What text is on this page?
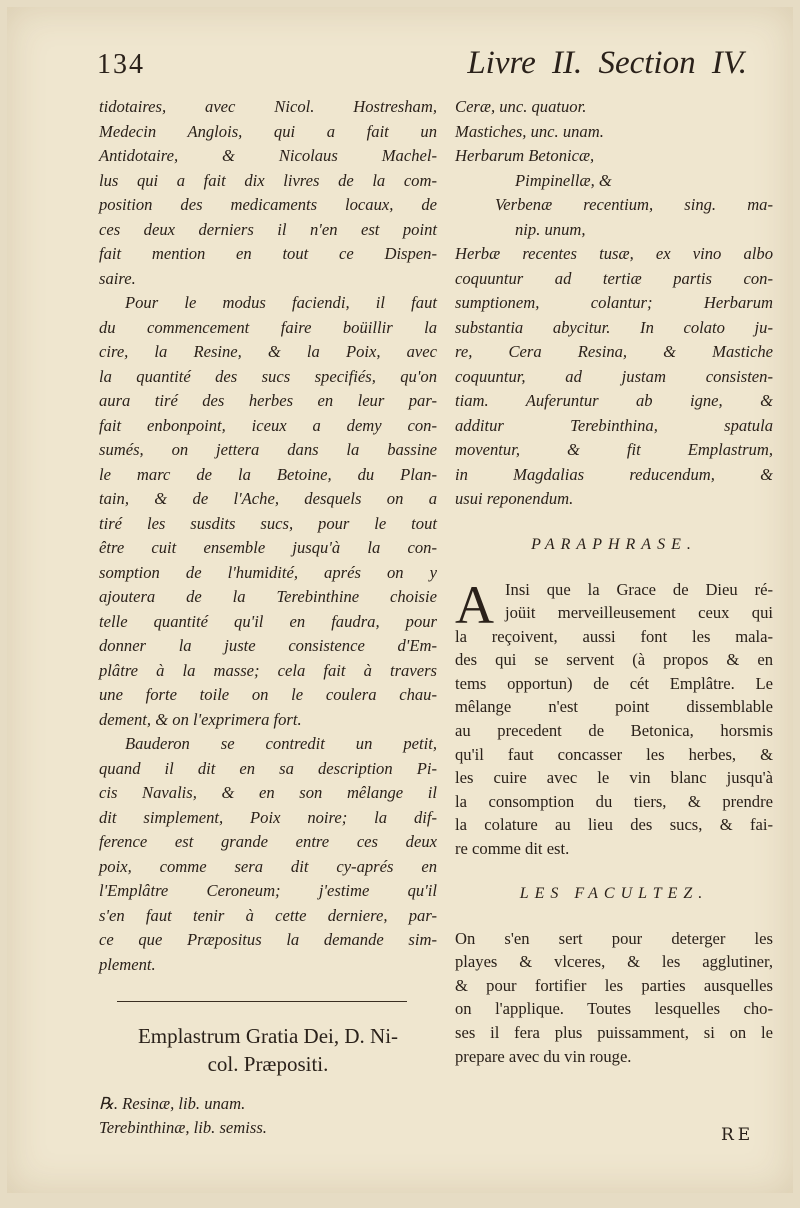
134	Livre II. Section IV.
tidotaires, avec Nicol. Hostresham,
Medecin Anglois, qui a fait un
Antidotaire, & Nicolaus Machel-
lus qui a fait dix livres de la com-
position des medicaments locaux, de
ces deux derniers il n'en est point
fait mention en tout ce Dispen-
saire.
Pour le modus faciendi, il faut
du commencement faire boüillir la
cire, la Resine, & la Poix, avec
la quantité des sucs specifiés, qu'on
aura tiré des herbes en leur par-
fait enbonpoint, iceux a demy con-
sumés, on jettera dans la bassine
le marc de la Betoine, du Plan-
tain, & de l'Ache, desquels on a
tiré les susdits sucs, pour le tout
être cuit ensemble jusqu'à la con-
somption de l'humidité, aprés on y
ajoutera de la Terebinthine choisie
telle quantité qu'il en faudra, pour
donner la juste consistence d'Em-
plâtre à la masse; cela fait à travers
une forte toile on le coulera chau-
dement, & on l'exprimera fort.
Bauderon se contredit un petit,
quand il dit en sa description Pi-
cis Navalis, & en son mêlange il
dit simplement, Poix noire; la dif-
ference est grande entre ces deux
poix, comme sera dit cy-aprés en
l'Emplâtre Ceroneum; j'estime qu'il
s'en faut tenir à cette derniere, par-
ce que Præpositus la demande sim-
plement.
Emplastrum Gratia Dei, D. Ni-
col. Præpositi.
℞. Resinæ, lib. unam.
Terebinthinæ, lib. semiss.
Ceræ, unc. quatuor.
Mastiches, unc. unam.
Herbarum Betonicæ,
Pimpinellæ, &
Verbenæ recentium, sing. ma-
nip. unum,
Herbæ recentes tusæ, ex vino albo
coquuntur ad tertiæ partis con-
sumptionem, colantur; Herbarum
substantia abycitur. In colato ju-
re, Cera Resina, & Mastiche
coquuntur, ad justam consisten-
tiam. Auferuntur ab igne, &
additur Terebinthina, spatula
moventur, & fit Emplastrum,
in Magdalias reducendum, &
usui reponendum.
PARAPHRASE.
A Insi que la Grace de Dieu ré-
joüit merveilleusement ceux qui
la reçoivent, aussi font les mala-
des qui se servent (à propos & en
tems opportun) de cét Emplâtre. Le
mêlange n'est point dissemblable
au precedent de Betonica, horsmis
qu'il faut concasser les herbes, &
les cuire avec le vin blanc jusqu'à
la consomption du tiers, & prendre
la colature au lieu des sucs, & fai-
re comme dit est.
LES FACULTEZ.
On s'en sert pour deterger les
playes & vlceres, & les agglutiner,
& pour fortifier les parties ausquelles
on l'applique. Toutes lesquelles cho-
ses il fera plus puissamment, si on le
prepare avec du vin rouge.
RE
